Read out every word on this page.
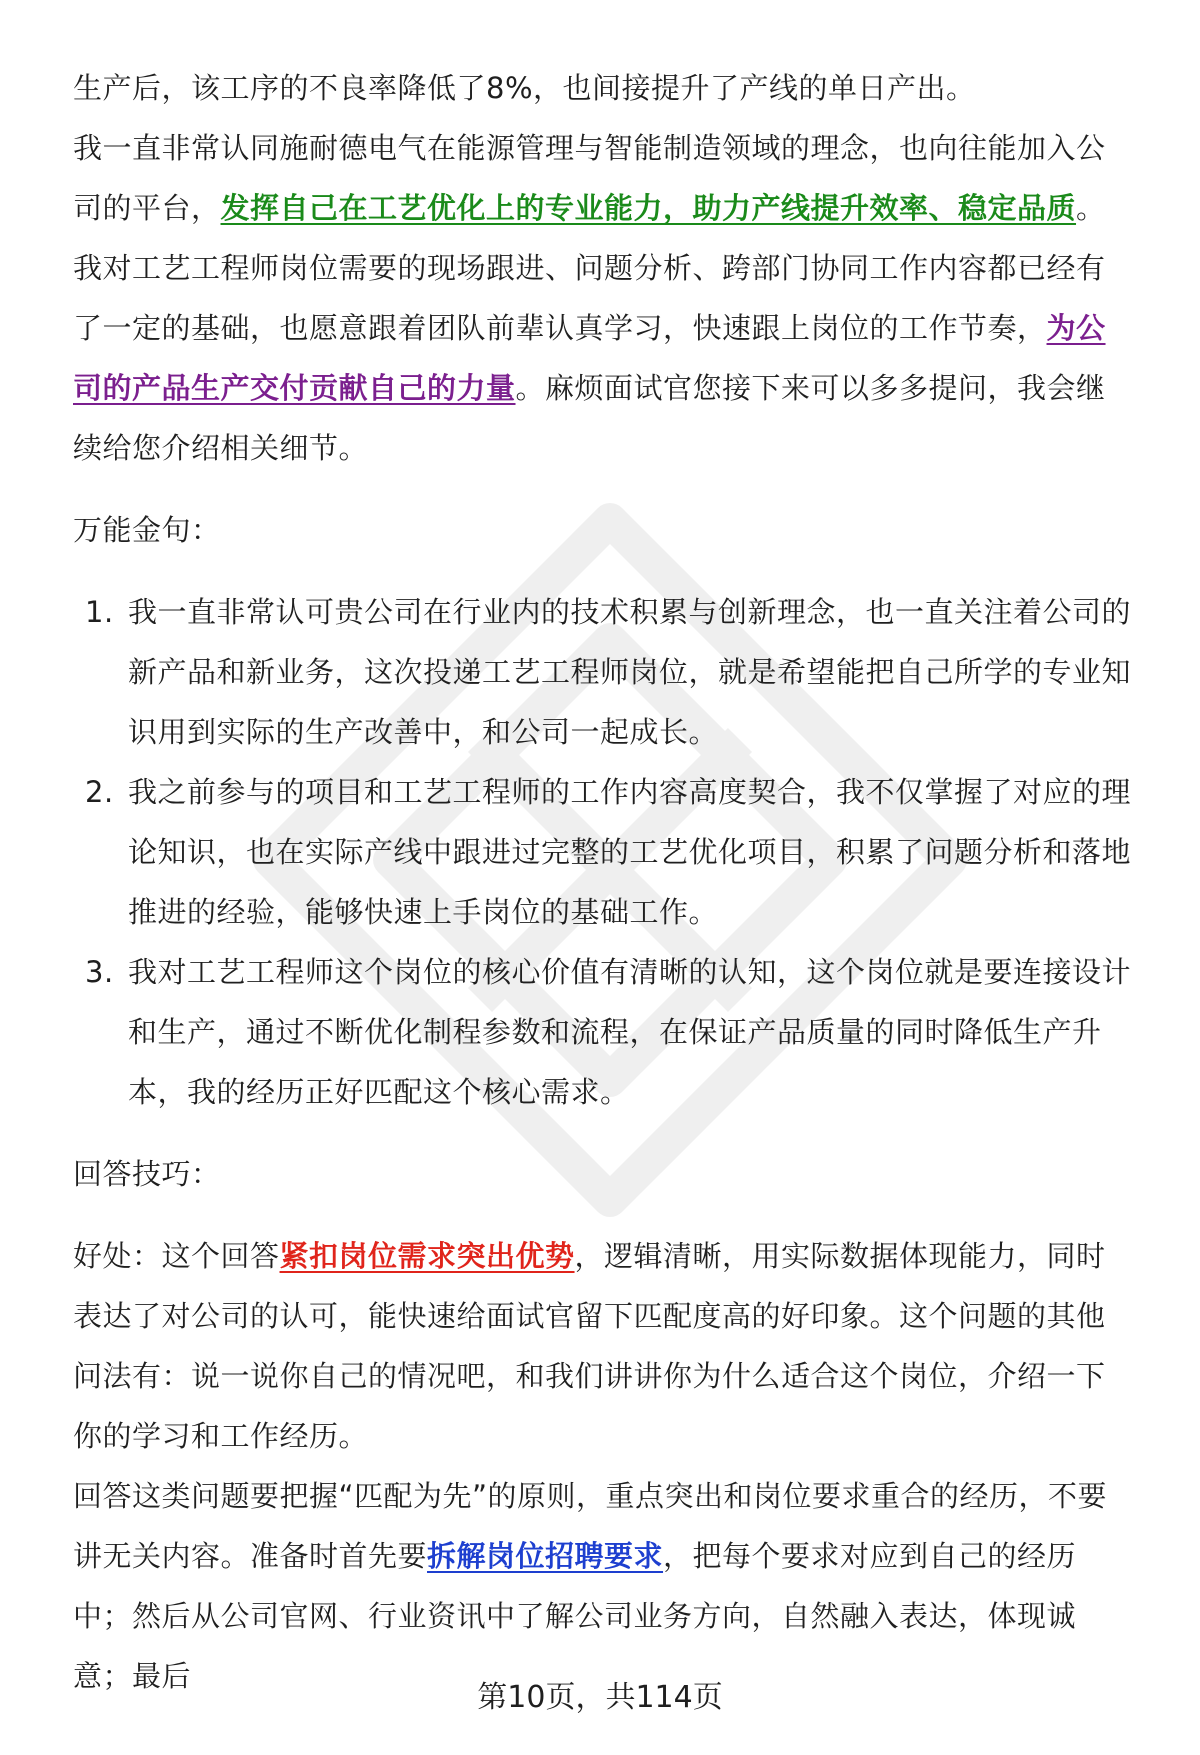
生产后，该工序的不良率降低了8%，也间接提升了产线的单日产出。

我一直非常认同施耐德电气在能源管理与智能制造领域的理念，也向往能加入公司的平台，发挥自己在工艺优化上的专业能力，助力产线提升效率、稳定品质。我对工艺工程师岗位需要的现场跟进、问题分析、跨部门协同工作内容都已经有了一定的基础，也愿意跟着团队前辈认真学习，快速跟上岗位的工作节奏，为公司的产品生产交付贡献自己的力量。麻烦面试官您接下来可以多多提问，我会继续给您介绍相关细节。

万能金句：

1. 我一直非常认可贵公司在行业内的技术积累与创新理念，也一直关注着公司的新产品和新业务，这次投递工艺工程师岗位，就是希望能把自己所学的专业知识用到实际的生产改善中，和公司一起成长。
2. 我之前参与的项目和工艺工程师的工作内容高度契合，我不仅掌握了对应的理论知识，也在实际产线中跟进过完整的工艺优化项目，积累了问题分析和落地推进的经验，能够快速上手岗位的基础工作。
3. 我对工艺工程师这个岗位的核心价值有清晰的认知，这个岗位就是要连接设计和生产，通过不断优化制程参数和流程，在保证产品质量的同时降低生产升本，我的经历正好匹配这个核心需求。

回答技巧：

好处：这个回答紧扣岗位需求突出优势，逻辑清晰，用实际数据体现能力，同时表达了对公司的认可，能快速给面试官留下匹配度高的好印象。这个问题的其他问法有：说一说你自己的情况吧，和我们讲讲你为什么适合这个岗位，介绍一下你的学习和工作经历。

回答这类问题要把握“匹配为先”的原则，重点突出和岗位要求重合的经历，不要讲无关内容。准备时首先要拆解岗位招聘要求，把每个要求对应到自己的经历中；然后从公司官网、行业资讯中了解公司业务方向，自然融入表达，体现诚意；最后

第10页，共114页
